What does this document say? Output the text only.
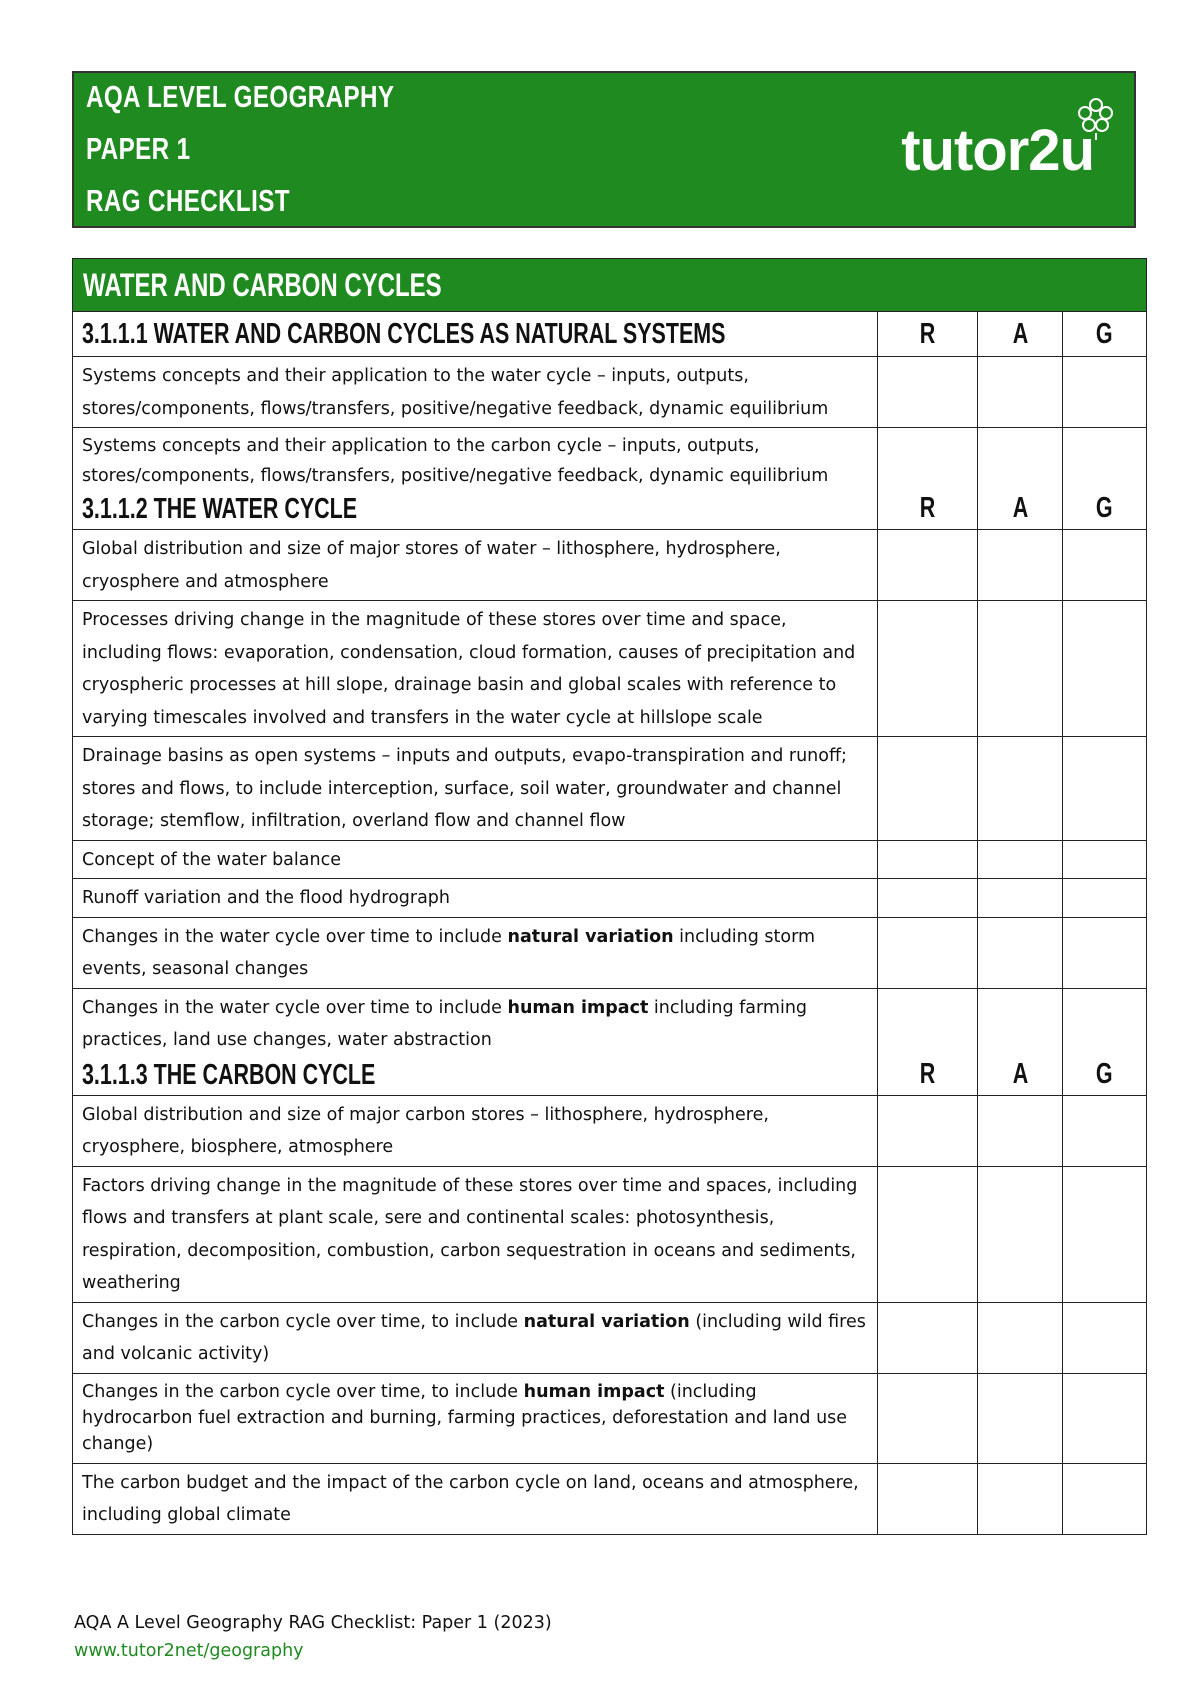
AQA LEVEL GEOGRAPHY
PAPER 1
RAG CHECKLIST
tutor2u
WATER AND CARBON CYCLES
3.1.1.1 WATER AND CARBON CYCLES AS NATURAL SYSTEMS	R	A G
Systems concepts and their application to the water cycle – inputs, outputs, stores/components, flows/transfers, positive/negative feedback, dynamic equilibrium
Systems concepts and their application to the carbon cycle – inputs, outputs, stores/components, flows/transfers, positive/negative feedback, dynamic equilibrium
3.1.1.2 THE WATER CYCLE	R	A	G
Global distribution and size of major stores of water – lithosphere, hydrosphere, cryosphere and atmosphere
Processes driving change in the magnitude of these stores over time and space, including flows: evaporation, condensation, cloud formation, causes of precipitation and cryospheric processes at hill slope, drainage basin and global scales with reference to varying timescales involved and transfers in the water cycle at hillslope scale
Drainage basins as open systems – inputs and outputs, evapo-transpiration and runoff; stores and flows, to include interception, surface, soil water, groundwater and channel storage; stemflow, infiltration, overland flow and channel flow
Concept of the water balance
Runoff variation and the flood hydrograph
Changes in the water cycle over time to include natural variation including storm events, seasonal changes
Changes in the water cycle over time to include human impact including farming practices, land use changes, water abstraction
3.1.1.3 THE CARBON CYCLE	R	A	G
Global distribution and size of major carbon stores – lithosphere, hydrosphere, cryosphere, biosphere, atmosphere
Factors driving change in the magnitude of these stores over time and spaces, including flows and transfers at plant scale, sere and continental scales: photosynthesis, respiration, decomposition, combustion, carbon sequestration in oceans and sediments, weathering
Changes in the carbon cycle over time, to include natural variation (including wild fires and volcanic activity)
Changes in the carbon cycle over time, to include human impact (including hydrocarbon fuel extraction and burning, farming practices, deforestation and land use change)
The carbon budget and the impact of the carbon cycle on land, oceans and atmosphere, including global climate
AQA A Level Geography RAG Checklist: Paper 1 (2023)
www.tutor2net/geography
